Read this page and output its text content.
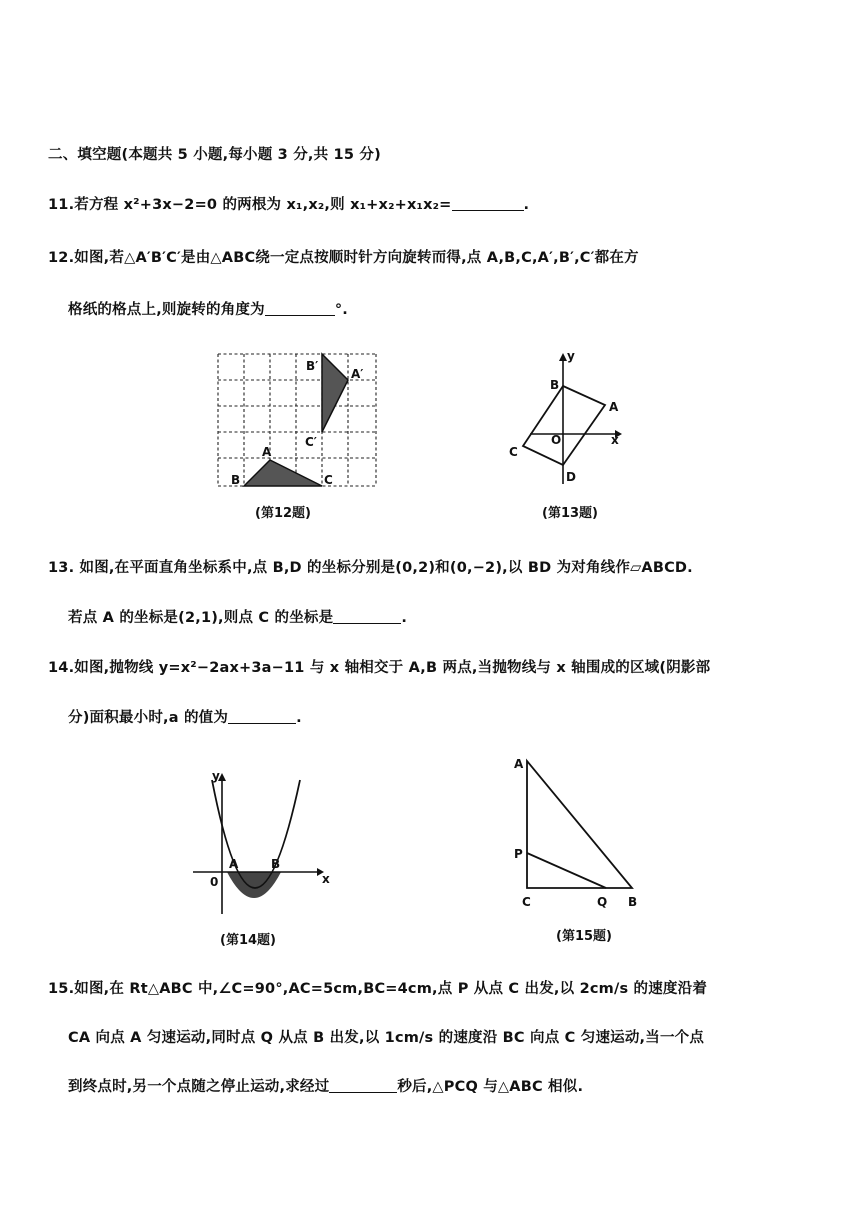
二、填空题(本题共 5 小题,每小题 3 分,共 15 分)
11.若方程 x²+3x−2=0 的两根为 x₁,x₂,则 x₁+x₂+x₁x₂=	.
12.如图,若△A′B′C′是由△ABC绕一定点按顺时针方向旋转而得,点 A,B,C,A′,B′,C′都在方
格纸的格点上,则旋转的角度为	°.
A
B	C
A′
B′
C′
(第12题)
y
x
B
A
O
C
D
(第13题)
13. 如图,在平面直角坐标系中,点 B,D 的坐标分别是(0,2)和(0,−2),以 BD 为对角线作▱ABCD.
若点 A 的坐标是(2,1),则点 C 的坐标是	.
14.如图,抛物线 y=x²−2ax+3a−11 与 x 轴相交于 A,B 两点,当抛物线与 x 轴围成的区域(阴影部
分)面积最小时,a 的值为	.
y
x
0
A	B
(第14题)
A
P
C	Q B
(第15题)
15.如图,在 Rt△ABC 中,∠C=90°,AC=5cm,BC=4cm,点 P 从点 C 出发,以 2cm/s 的速度沿着
CA 向点 A 匀速运动,同时点 Q 从点 B 出发,以 1cm/s 的速度沿 BC 向点 C 匀速运动,当一个点
到终点时,另一个点随之停止运动,求经过	秒后,△PCQ 与△ABC 相似.
